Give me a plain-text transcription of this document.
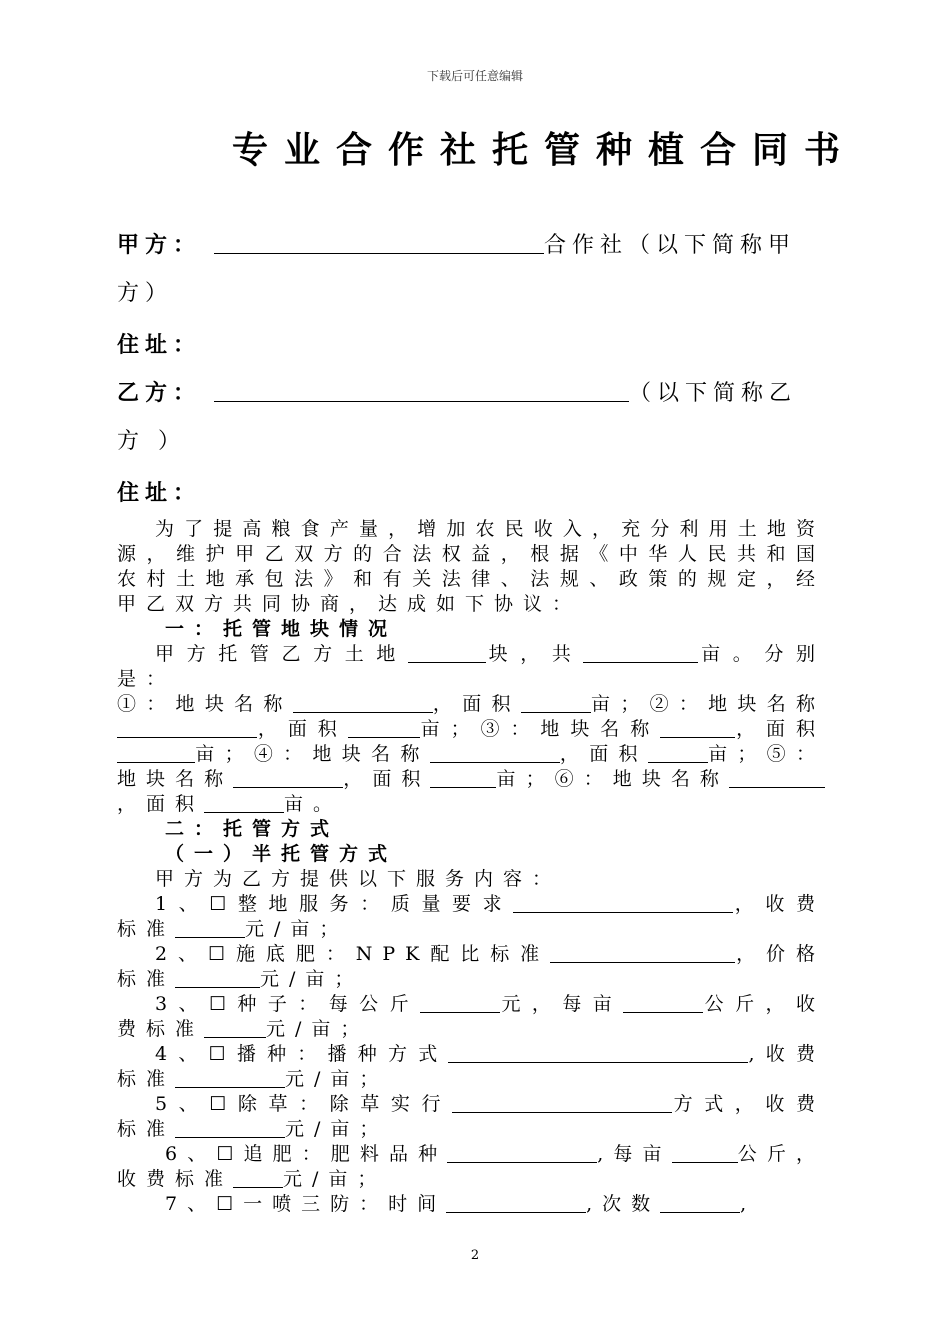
下载后可任意编辑
专业合作社托管种植合同书
甲方：	合作社（以下简称甲
方）
住址：
乙方：	（以下简称乙
方 ）
住址：

为了提高粮食产量，增加农民收入，充分利用土地资源，维护甲乙双方的合法权益，根据《中华人民共和国农村土地承包法》和有关法律、法规、政策的规定，经甲乙双方共同协商，达成如下协议：

一：托管地块情况

甲方托管乙方土地	块，共	亩。分别是：

①：地块名称	，面积	亩；②：地块名称，面积	亩；③：地块名称	，面积亩；④：地块名称	，面积	亩；⑤：地块名称	，面积	亩；⑥：地块名称，面积	亩。

二：托管方式

（一）半托管方式

甲方为乙方提供以下服务内容：

1、☐整地服务：质量要求	，收费标准	元/亩；

2、☐施底肥：NPK配比标准	，价格标准	元/亩；

3、☐种子：每公斤	元，每亩	公斤，收费标准	元/亩；

4、☐播种：播种方式	,收费标准	元/亩；

5、☐除草：除草实行	方式，收费标准	元/亩；

6、☐追肥：肥料品种	,每亩	公斤，收费标准	元/亩；

7、☐一喷三防：时间	,次数	,

2
